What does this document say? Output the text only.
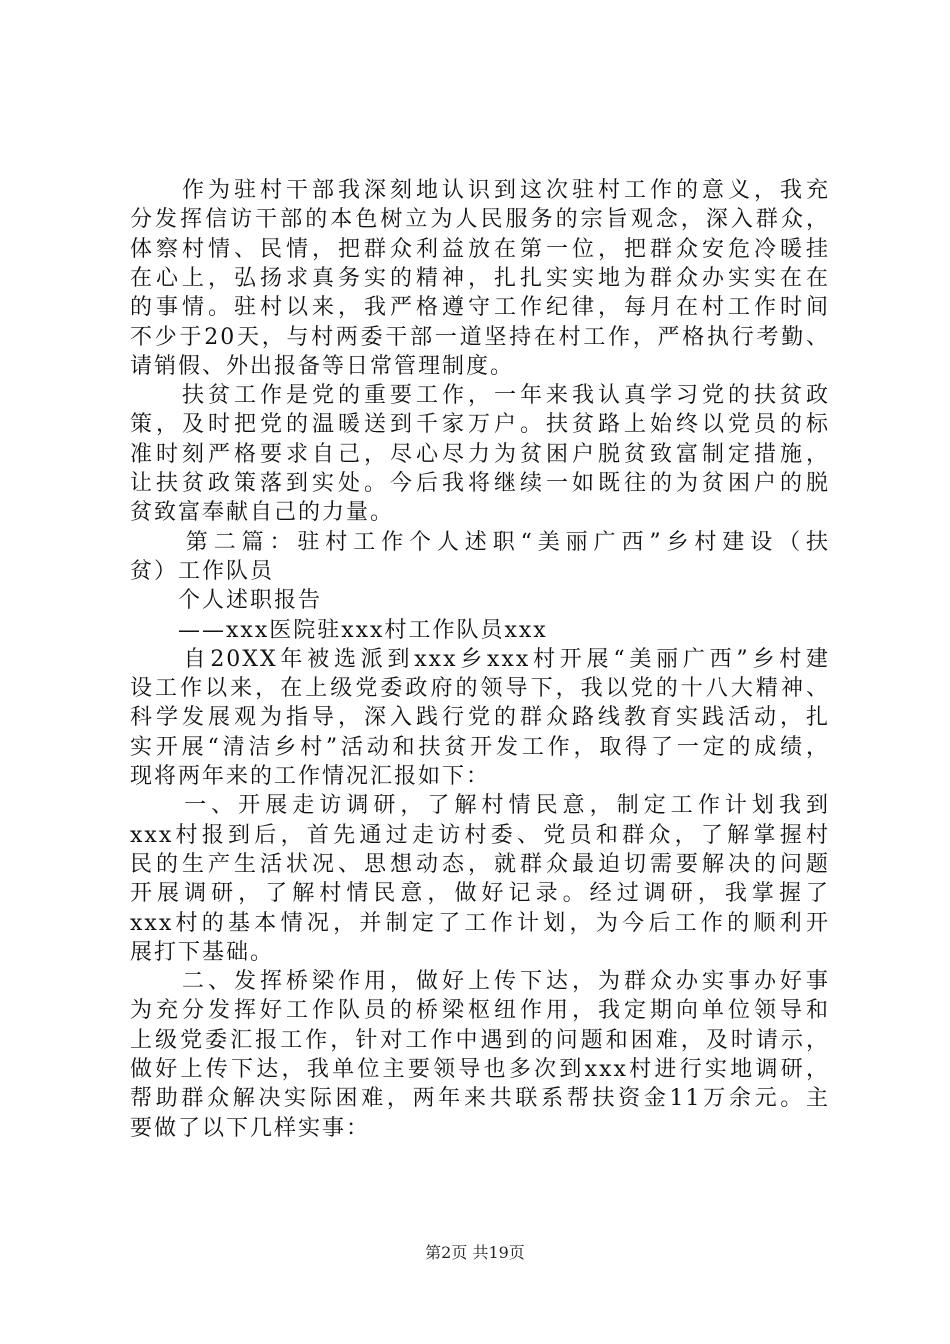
　　作为驻村干部我深刻地认识到这次驻村工作的意义，我充
分发挥信访干部的本色树立为人民服务的宗旨观念，深入群众，
体察村情、民情，把群众利益放在第一位，把群众安危冷暖挂
在心上，弘扬求真务实的精神，扎扎实实地为群众办实实在在
的事情。驻村以来，我严格遵守工作纪律，每月在村工作时间
不少于20天，与村两委干部一道坚持在村工作，严格执行考勤、
请销假、外出报备等日常管理制度。
　　扶贫工作是党的重要工作，一年来我认真学习党的扶贫政
策，及时把党的温暖送到千家万户。扶贫路上始终以党员的标
准时刻严格要求自己，尽心尽力为贫困户脱贫致富制定措施，
让扶贫政策落到实处。今后我将继续一如既往的为贫困户的脱
贫致富奉献自己的力量。
　　第二篇：驻村工作个人述职“美丽广西”乡村建设（扶
贫）工作队员
　　个人述职报告
　　——xxx医院驻xxx村工作队员xxx
　　自20XX年被选派到xxx乡xxx村开展“美丽广西”乡村建
设工作以来，在上级党委政府的领导下，我以党的十八大精神、
科学发展观为指导，深入践行党的群众路线教育实践活动，扎
实开展“清洁乡村”活动和扶贫开发工作，取得了一定的成绩，
现将两年来的工作情况汇报如下：
　　一、开展走访调研，了解村情民意，制定工作计划我到
xxx村报到后，首先通过走访村委、党员和群众，了解掌握村
民的生产生活状况、思想动态，就群众最迫切需要解决的问题
开展调研，了解村情民意，做好记录。经过调研，我掌握了
xxx村的基本情况，并制定了工作计划，为今后工作的顺利开
展打下基础。
　　二、发挥桥梁作用，做好上传下达，为群众办实事办好事
为充分发挥好工作队员的桥梁枢纽作用，我定期向单位领导和
上级党委汇报工作，针对工作中遇到的问题和困难，及时请示，
做好上传下达，我单位主要领导也多次到xxx村进行实地调研，
帮助群众解决实际困难，两年来共联系帮扶资金11万余元。主
要做了以下几样实事：
第2页 共19页
